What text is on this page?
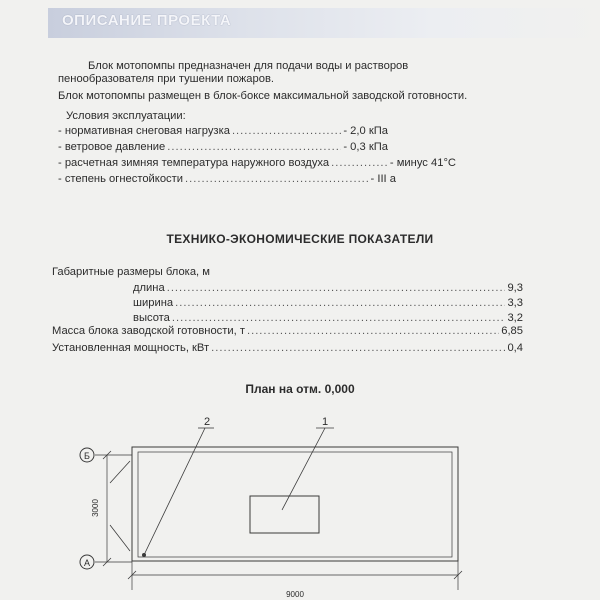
ОПИСАНИЕ ПРОЕКТА
Блок мотопомпы предназначен для подачи воды и растворов
пенообразователя при тушении пожаров.
Блок мотопомпы размещен в блок-боксе максимальной заводской готовности.
Условия эксплуатации:
- нормативная снеговая нагрузка .....	- 2,0 кПа
- ветровое давление .....	- 0,3 кПа
- расчетная зимняя температура наружного воздуха .....	- минус 41°С
- степень огнестойкости .....	- III а
ТЕХНИКО-ЭКОНОМИЧЕСКИЕ ПОКАЗАТЕЛИ
Габаритные размеры блока, м
длина .....	9,3
ширина .....	3,3
высота .....	3,2
Масса блока заводской готовности, т .....	6,85
Установленная мощность, кВт .....	0,4
План на отм. 0,000
Б
А
1
2
3000
9000
